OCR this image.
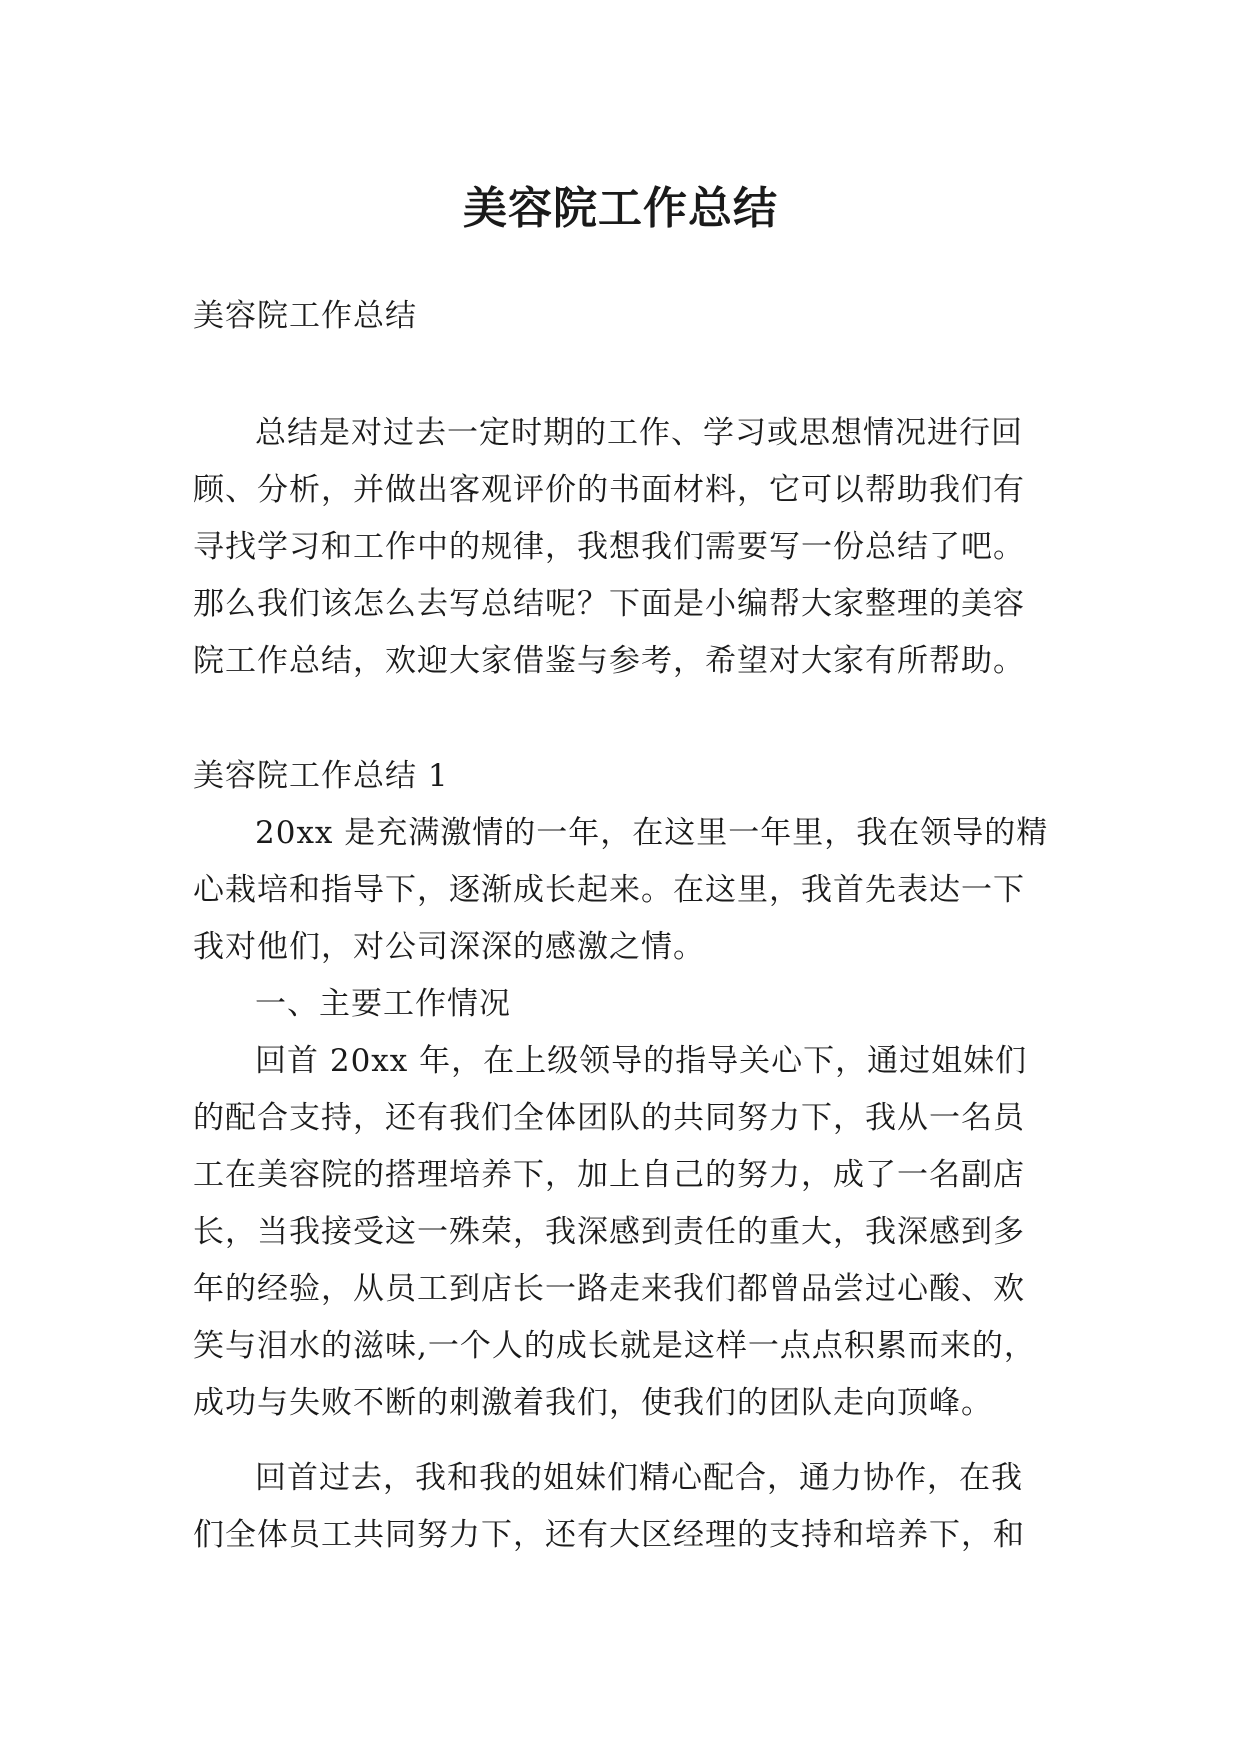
美容院工作总结

美容院工作总结

总结是对过去一定时期的工作、学习或思想情况进行回顾、分析，并做出客观评价的书面材料，它可以帮助我们有寻找学习和工作中的规律，我想我们需要写一份总结了吧。那么我们该怎么去写总结呢？下面是小编帮大家整理的美容院工作总结，欢迎大家借鉴与参考，希望对大家有所帮助。

美容院工作总结 1

20xx 是充满激情的一年，在这里一年里，我在领导的精心栽培和指导下，逐渐成长起来。在这里，我首先表达一下我对他们，对公司深深的感激之情。

一、主要工作情况

回首 20xx 年，在上级领导的指导关心下，通过姐妹们的配合支持，还有我们全体团队的共同努力下，我从一名员工在美容院的搭理培养下，加上自己的努力，成了一名副店长，当我接受这一殊荣，我深感到责任的重大，我深感到多年的经验，从员工到店长一路走来我们都曾品尝过心酸、欢笑与泪水的滋味,一个人的成长就是这样一点点积累而来的，成功与失败不断的刺激着我们，使我们的团队走向顶峰。

回首过去，我和我的姐妹们精心配合，通力协作，在我们全体员工共同努力下，还有大区经理的支持和培养下，和
